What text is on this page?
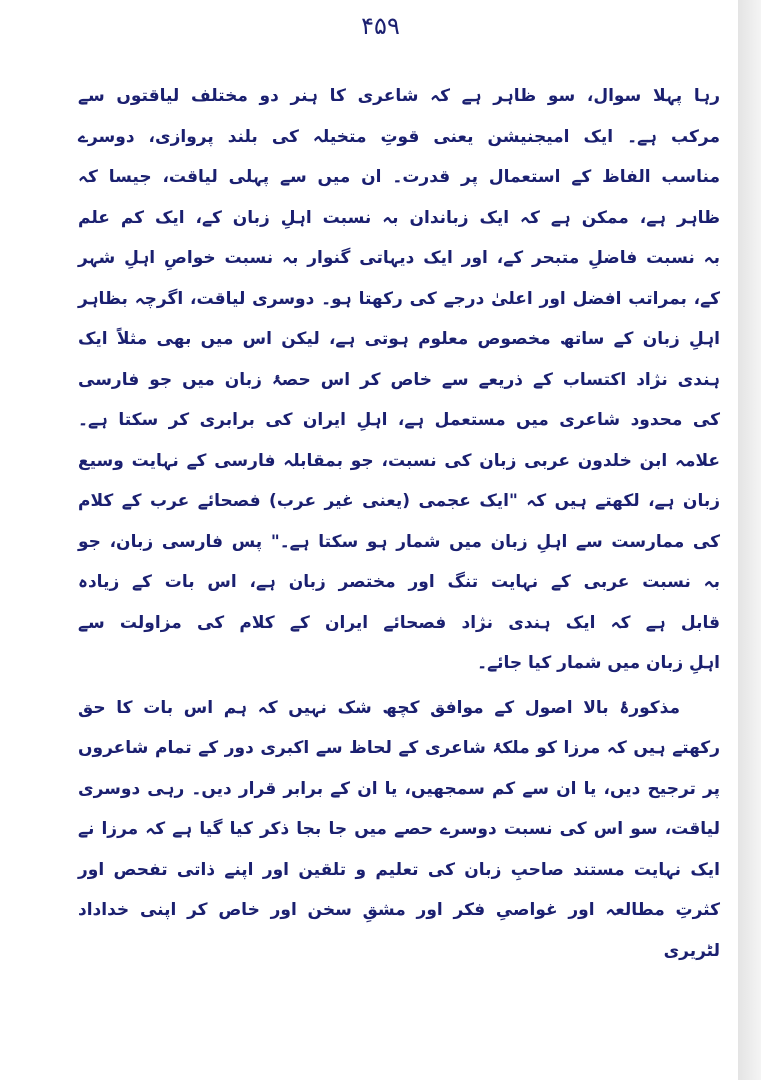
۴۵۹
رہا پہلا سوال، سو ظاہر ہے کہ شاعری کا ہنر دو مختلف لیاقتوں سے
مرکب ہے۔ ایک امیجنیشن یعنی قوتِ متخیلہ کی بلند پروازی، دوسرے
مناسب الفاظ کے استعمال پر قدرت۔ ان میں سے پہلی لیاقت، جیسا کہ
ظاہر ہے، ممکن ہے کہ ایک زباندان بہ نسبت اہلِ زبان کے، ایک کم علم
بہ نسبت فاضلِ متبحر کے، اور ایک دیہاتی گنوار بہ نسبت خواصِ اہلِ شہر
کے، بمراتب افضل اور اعلیٰ درجے کی رکھتا ہو۔ دوسری لیاقت، اگرچہ بظاہر
اہلِ زبان کے ساتھ مخصوص معلوم ہوتی ہے، لیکن اس میں بھی مثلاً ایک
ہندی نژاد اکتساب کے ذریعے سے خاص کر اس حصۂ زبان میں جو فارسی
کی محدود شاعری میں مستعمل ہے، اہلِ ایران کی برابری کر سکتا ہے۔
علامہ ابن خلدون عربی زبان کی نسبت، جو بمقابلہ فارسی کے نہایت وسیع
زبان ہے، لکھتے ہیں کہ "ایک عجمی (یعنی غیر عرب) فصحائے عرب کے کلام
کی ممارست سے اہلِ زبان میں شمار ہو سکتا ہے۔" پس فارسی زبان، جو
بہ نسبت عربی کے نہایت تنگ اور مختصر زبان ہے، اس بات کے زیادہ
قابل ہے کہ ایک ہندی نژاد فصحائے ایران کے کلام کی مزاولت سے
اہلِ زبان میں شمار کیا جائے۔
مذکورۂ بالا اصول کے موافق کچھ شک نہیں کہ ہم اس بات کا حق
رکھتے ہیں کہ مرزا کو ملکۂ شاعری کے لحاظ سے اکبری دور کے تمام شاعروں
پر ترجیح دیں، یا ان سے کم سمجھیں، یا ان کے برابر قرار دیں۔ رہی دوسری
لیاقت، سو اس کی نسبت دوسرے حصے میں جا بجا ذکر کیا گیا ہے کہ مرزا نے
ایک نہایت مستند صاحبِ زبان کی تعلیم و تلقین اور اپنے ذاتی تفحص اور
کثرتِ مطالعہ اور غواصیِ فکر اور مشقِ سخن اور خاص کر اپنی خداداد لٹریری
